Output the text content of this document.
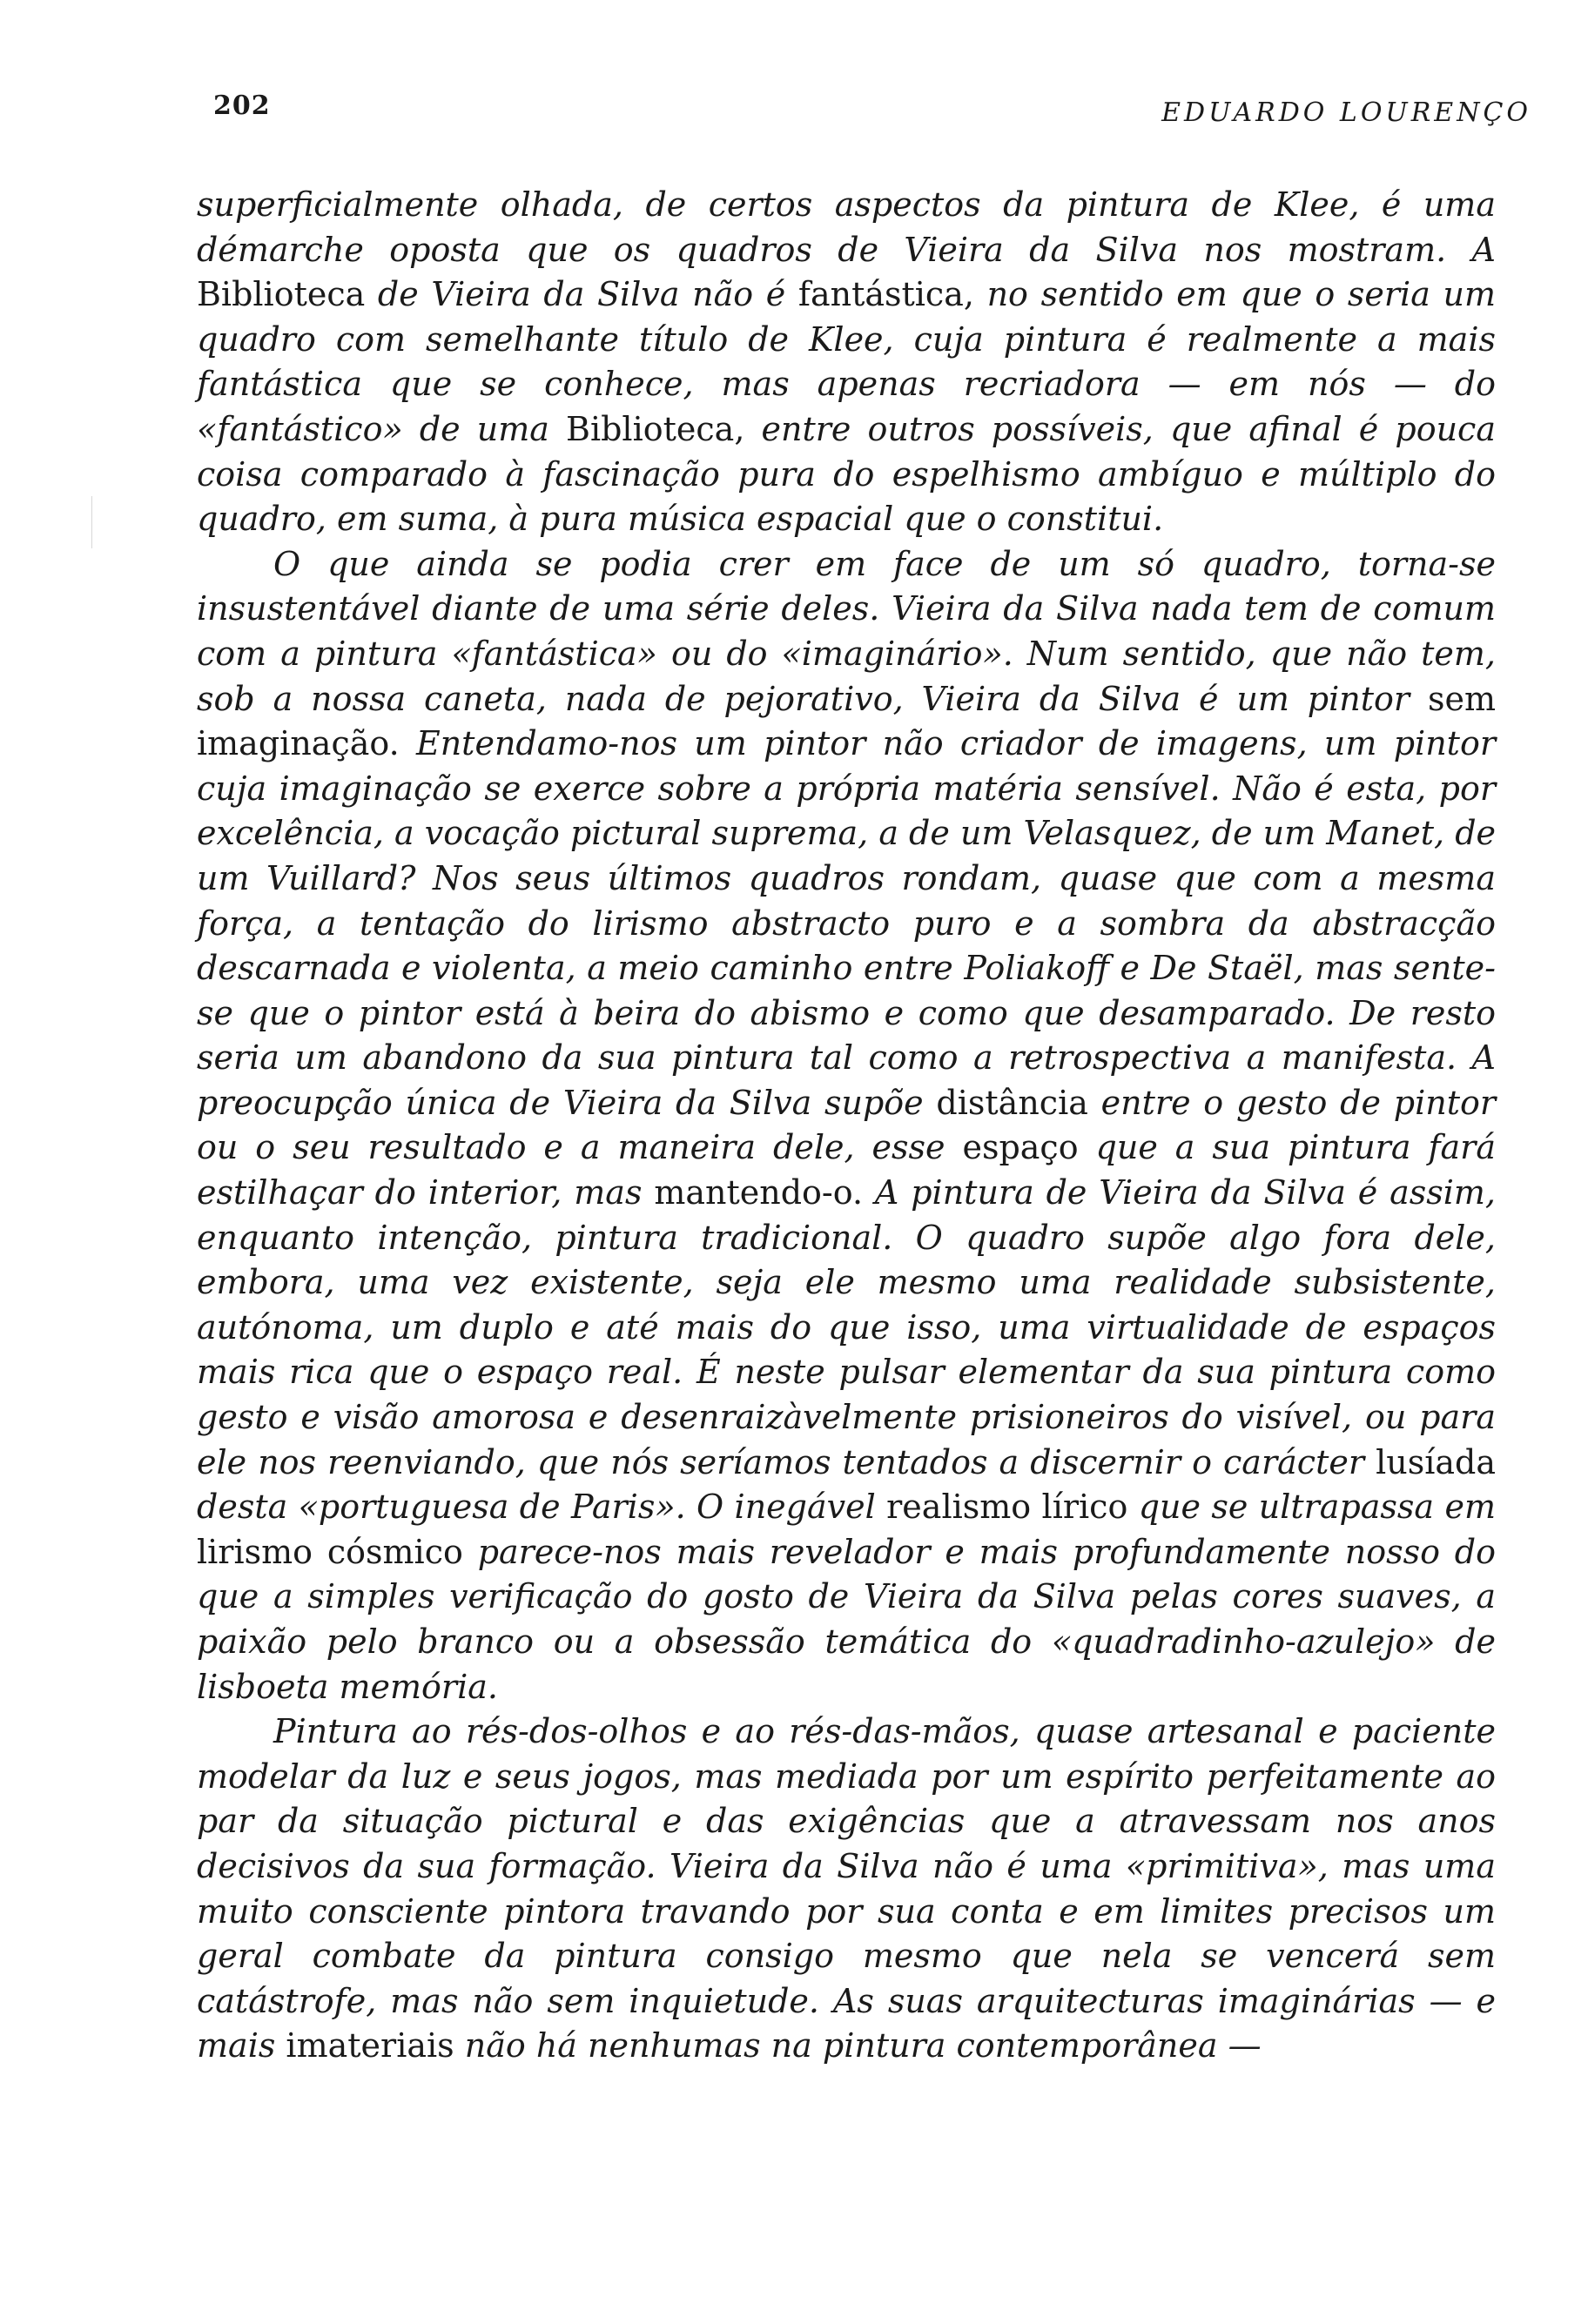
202	EDUARDO LOURENÇO

superficialmente olhada, de certos aspectos da pintura de Klee, é uma démarche oposta que os quadros de Vieira da Silva nos mostram. A Biblioteca de Vieira da Silva não é fantástica, no sentido em que o seria um quadro com semelhante título de Klee, cuja pintura é realmente a mais fantástica que se conhece, mas apenas recriadora — em nós — do «fantástico» de uma Biblioteca, entre outros possíveis, que afinal é pouca coisa comparado à fascinação pura do espelhismo ambíguo e múltiplo do quadro, em suma, à pura música espacial que o constitui.

O que ainda se podia crer em face de um só quadro, torna-se insustentável diante de uma série deles. Vieira da Silva nada tem de comum com a pintura «fantástica» ou do «imaginário». Num sentido, que não tem, sob a nossa caneta, nada de pejorativo, Vieira da Silva é um pintor sem imaginação. Entendamo-nos um pintor não criador de imagens, um pintor cuja imaginação se exerce sobre a própria matéria sensível. Não é esta, por excelência, a vocação pictural suprema, a de um Velasquez, de um Manet, de um Vuillard? Nos seus últimos quadros rondam, quase que com a mesma força, a tentação do lirismo abstracto puro e a sombra da abstracção descarnada e violenta, a meio caminho entre Poliakoff e De Staël, mas sente-se que o pintor está à beira do abismo e como que desamparado. De resto seria um abandono da sua pintura tal como a retrospectiva a manifesta. A preocupção única de Vieira da Silva supõe distância entre o gesto de pintor ou o seu resultado e a maneira dele, esse espaço que a sua pintura fará estilhaçar do interior, mas mantendo-o. A pintura de Vieira da Silva é assim, enquanto intenção, pintura tradicional. O quadro supõe algo fora dele, embora, uma vez existente, seja ele mesmo uma realidade subsistente, autónoma, um duplo e até mais do que isso, uma virtualidade de espaços mais rica que o espaço real. É neste pulsar elementar da sua pintura como gesto e visão amorosa e desenraizàvelmente prisioneiros do visível, ou para ele nos reenviando, que nós seríamos tentados a discernir o carácter lusíada desta «portuguesa de Paris». O inegável realismo lírico que se ultrapassa em lirismo cósmico parece-nos mais revelador e mais profundamente nosso do que a simples verificação do gosto de Vieira da Silva pelas cores suaves, a paixão pelo branco ou a obsessão temática do «quadradinho-azulejo» de lisboeta memória.

Pintura ao rés-dos-olhos e ao rés-das-mãos, quase artesanal e paciente modelar da luz e seus jogos, mas mediada por um espírito perfeitamente ao par da situação pictural e das exigências que a atravessam nos anos decisivos da sua formação. Vieira da Silva não é uma «primitiva», mas uma muito consciente pintora travando por sua conta e em limites precisos um geral combate da pintura consigo mesmo que nela se vencerá sem catástrofe, mas não sem inquietude. As suas arquitecturas imaginárias — e mais imateriais não há nenhumas na pintura contemporânea —
